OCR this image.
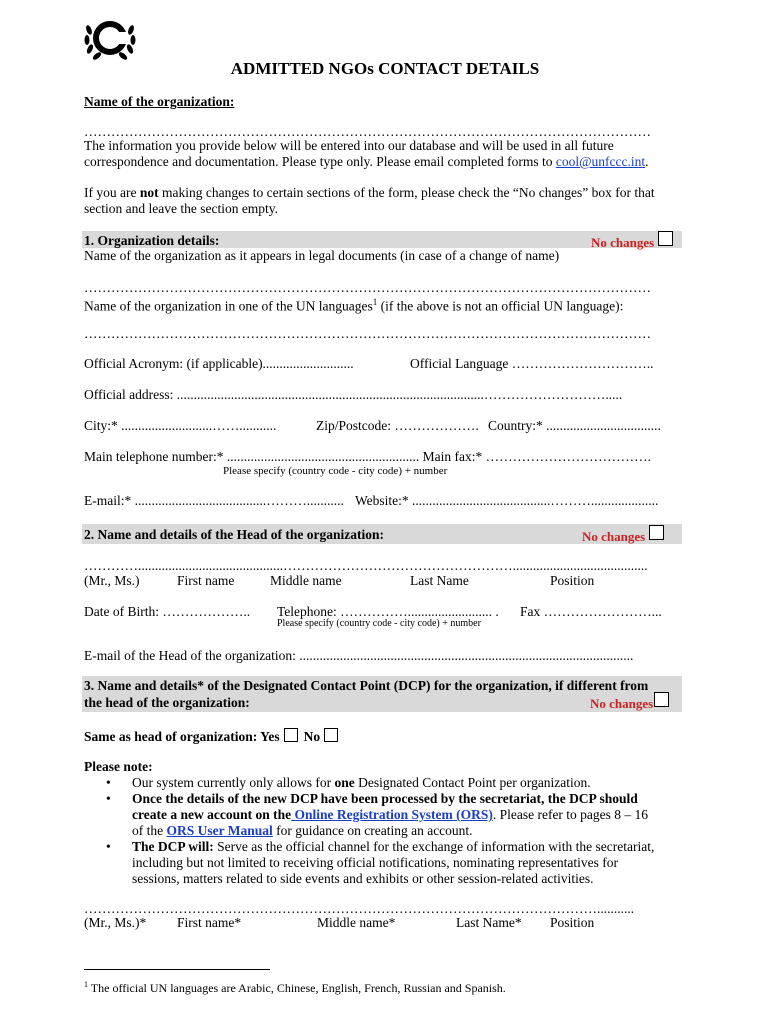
ADMITTED NGOs CONTACT DETAILS
Name of the organization:
………………………………………………………………………………………………………………
The information you provide below will be entered into our database and will be used in all future
correspondence and documentation. Please type only. Please email completed forms to cool@unfccc.int.
If you are not making changes to certain sections of the form, please check the “No changes” box for that
section and leave the section empty.
1. Organization details:	No changes
Name of the organization as it appears in legal documents (in case of a change of name)
………………………………………………………………………………………………………………
Name of the organization in one of the UN languages$^1$ (if the above is not an official UN language):
………………………………………………………………………………………………………………
Official Acronym: (if applicable)...........................	Official Language …………………………..
Official address: ...........................................................................................……………………….....
City:* ...........................……...........	Zip/Postcode: ………………. Country:* ..................................
Main telephone number:* ......................................................... Main fax:* ……………………………….
Please specify (country code - city code) + number
E-mail:* .......................................………........... Website:* .........................................………....................
2. Name and details of the Head of the organization:	No changes
…………...........................................……………………………………………........................................
(Mr., Ms.)	First name	Middle name	Last Name	Position
Date of Birth: ……………….. Telephone: ……………......................... . Fax ……………………...
Please specify (country code - city code) + number
E-mail of the Head of the organization: ...................................................................................................
3. Name and details* of the Designated Contact Point (DCP) for the organization, if different from
the head of the organization:	No changes
Same as head of organization: Yes No
Please note:
• Our system currently only allows for one Designated Contact Point per organization.
• Once the details of the new DCP have been processed by the secretariat, the DCP should
create a new account on the Online Registration System (ORS). Please refer to pages 8 – 16
of the ORS User Manual for guidance on creating an account.
• The DCP will: Serve as the official channel for the exchange of information with the secretariat,
including but not limited to receiving official notifications, nominating representatives for
sessions, matters related to side events and exhibits or other session-related activities.
……………………………………………………………………………………………………...........
(Mr., Ms.)* First name*	Middle name*	Last Name* Position
$^1$ The official UN languages are Arabic, Chinese, English, French, Russian and Spanish.
